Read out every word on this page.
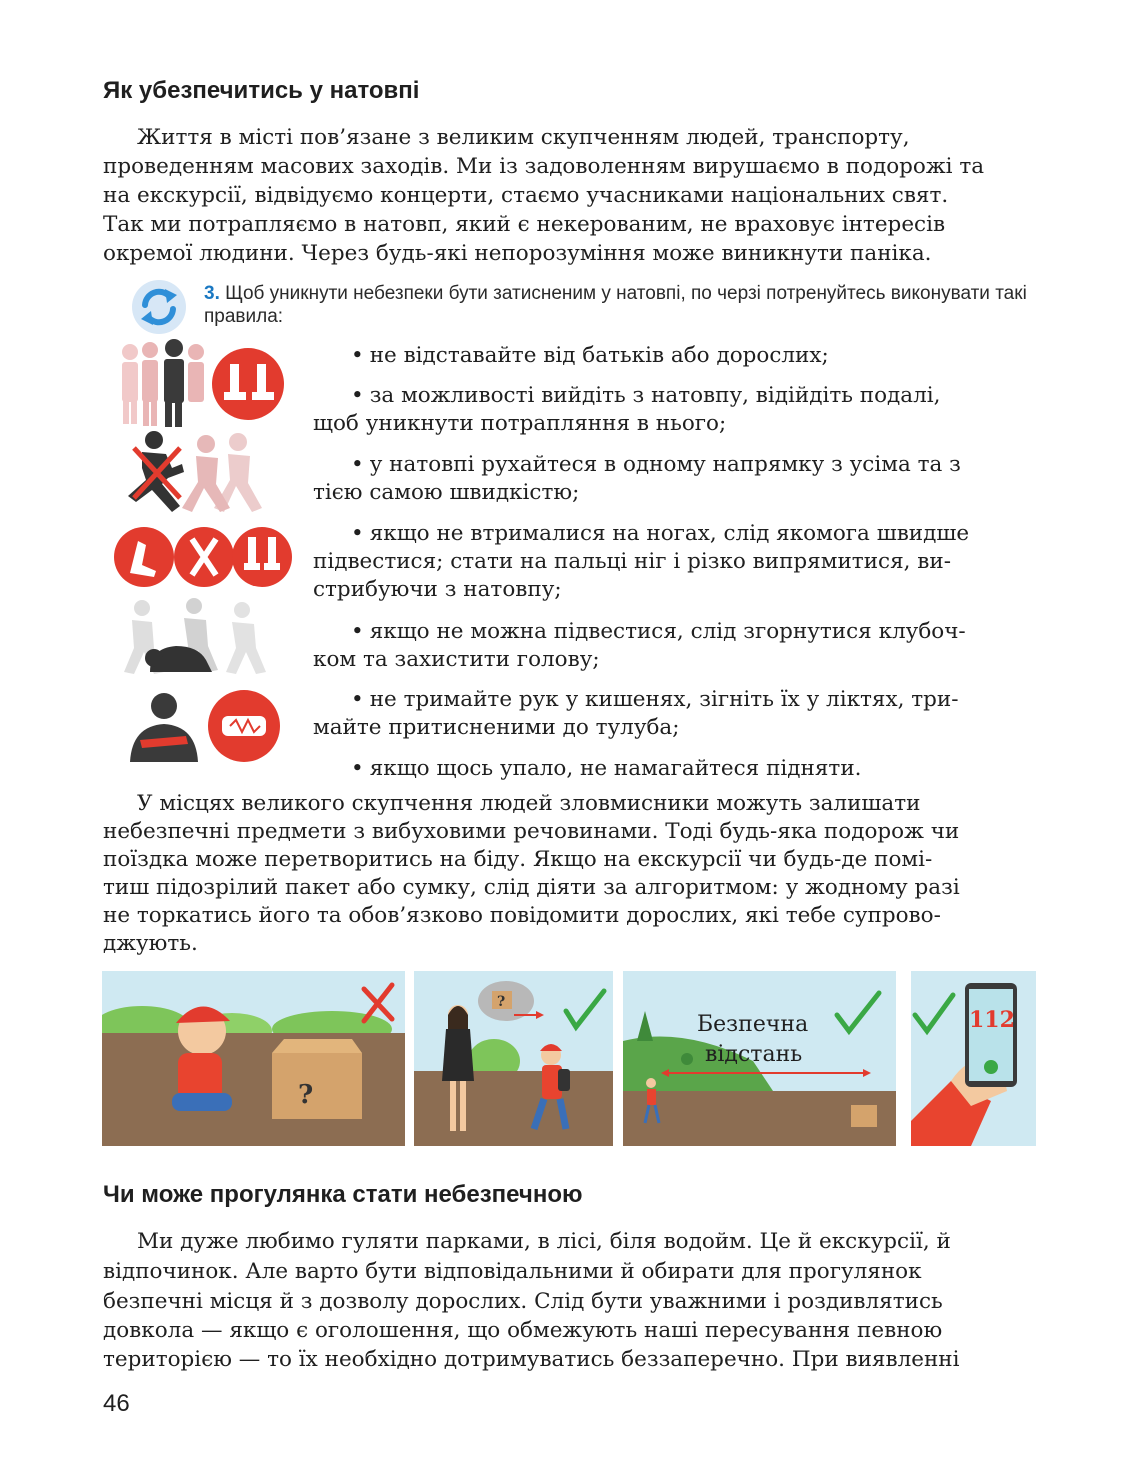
Як убезпечитись у натовпі

Життя в місті пов’язане з великим скупченням людей, транспорту,

проведенням масових заходів. Ми із задоволенням вирушаємо в подорожі та

на екскурсії, відвідуємо концерти, стаємо учасниками національних свят.

Так ми потрапляємо в натовп, який є некерованим, не враховує інтересів

окремої людини. Через будь-які непорозуміння може виникнути паніка.

3. Щоб уникнути небезпеки бути затисненим у натовпі, по черзі потренуйтесь виконувати такі правила:

• не відставайте від батьків або дорослих;
• за можливості вийдіть з натовпу, відійдіть подалі,
щоб уникнути потрапляння в нього;
• у натовпі рухайтеся в одному напрямку з усіма та з
тією самою швидкістю;
• якщо не втрималися на ногах, слід якомога швидше
підвестися; стати на пальці ніг і різко випрямитися, ви-
стрибуючи з натовпу;
• якщо не можна підвестися, слід згорнутися клубоч-
ком та захистити голову;
• не тримайте рук у кишенях, зігніть їх у ліктях, три-
майте притисненими до тулуба;
• якщо щось упало, не намагайтеся підняти.

У місцях великого скупчення людей зловмисники можуть залишати

небезпечні предмети з вибуховими речовинами. Тоді будь-яка подорож чи

поїздка може перетворитись на біду. Якщо на екскурсії чи будь-де помі-

тиш підозрілий пакет або сумку, слід діяти за алгоритмом: у жодному разі

не торкатись його та обов’язково повідомити дорослих, які тебе супрово-

джують.

?
?
Безпечна
відстань
112
Чи може прогулянка стати небезпечною

Ми дуже любимо гуляти парками, в лісі, біля водойм. Це й екскурсії, й

відпочинок. Але варто бути відповідальними й обирати для прогулянок

безпечні місця й з дозволу дорослих. Слід бути уважними і роздивлятись

довкола — якщо є оголошення, що обмежують наші пересування певною

територією — то їх необхідно дотримуватись беззаперечно. При виявленні

46
